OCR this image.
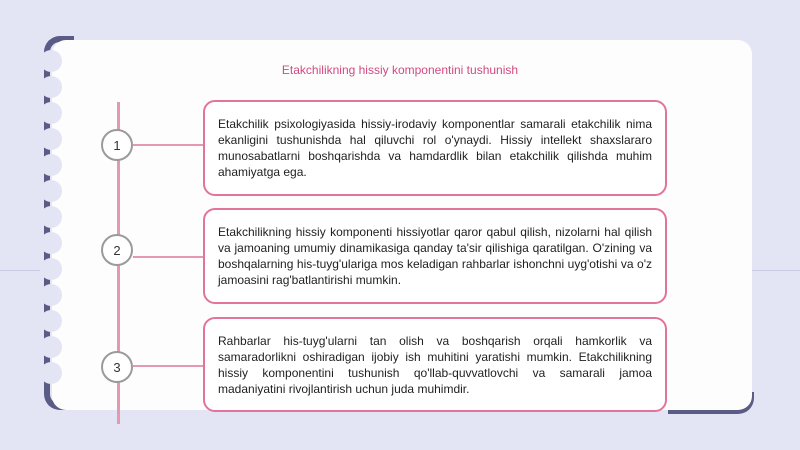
Etakchilikning hissiy komponentini tushunish
1

Etakchilik psixologiyasida hissiy-irodaviy komponentlar samarali etakchilik nima ekanligini tushunishda hal qiluvchi rol o'ynaydi. Hissiy intellekt shaxslararo munosabatlarni boshqarishda va hamdardlik bilan etakchilik qilishda muhim ahamiyatga ega.

2

Etakchilikning hissiy komponenti hissiyotlar qaror qabul qilish, nizolarni hal qilish va jamoaning umumiy dinamikasiga qanday ta'sir qilishiga qaratilgan. O'zining va boshqalarning his-tuyg'ulariga mos keladigan rahbarlar ishonchni uyg'otishi va o'z jamoasini rag'batlantirishi mumkin.

3

Rahbarlar his-tuyg'ularni tan olish va boshqarish orqali hamkorlik va samaradorlikni oshiradigan ijobiy ish muhitini yaratishi mumkin. Etakchilikning hissiy komponentini tushunish qo'llab-quvvatlovchi va samarali jamoa madaniyatini rivojlantirish uchun juda muhimdir.
